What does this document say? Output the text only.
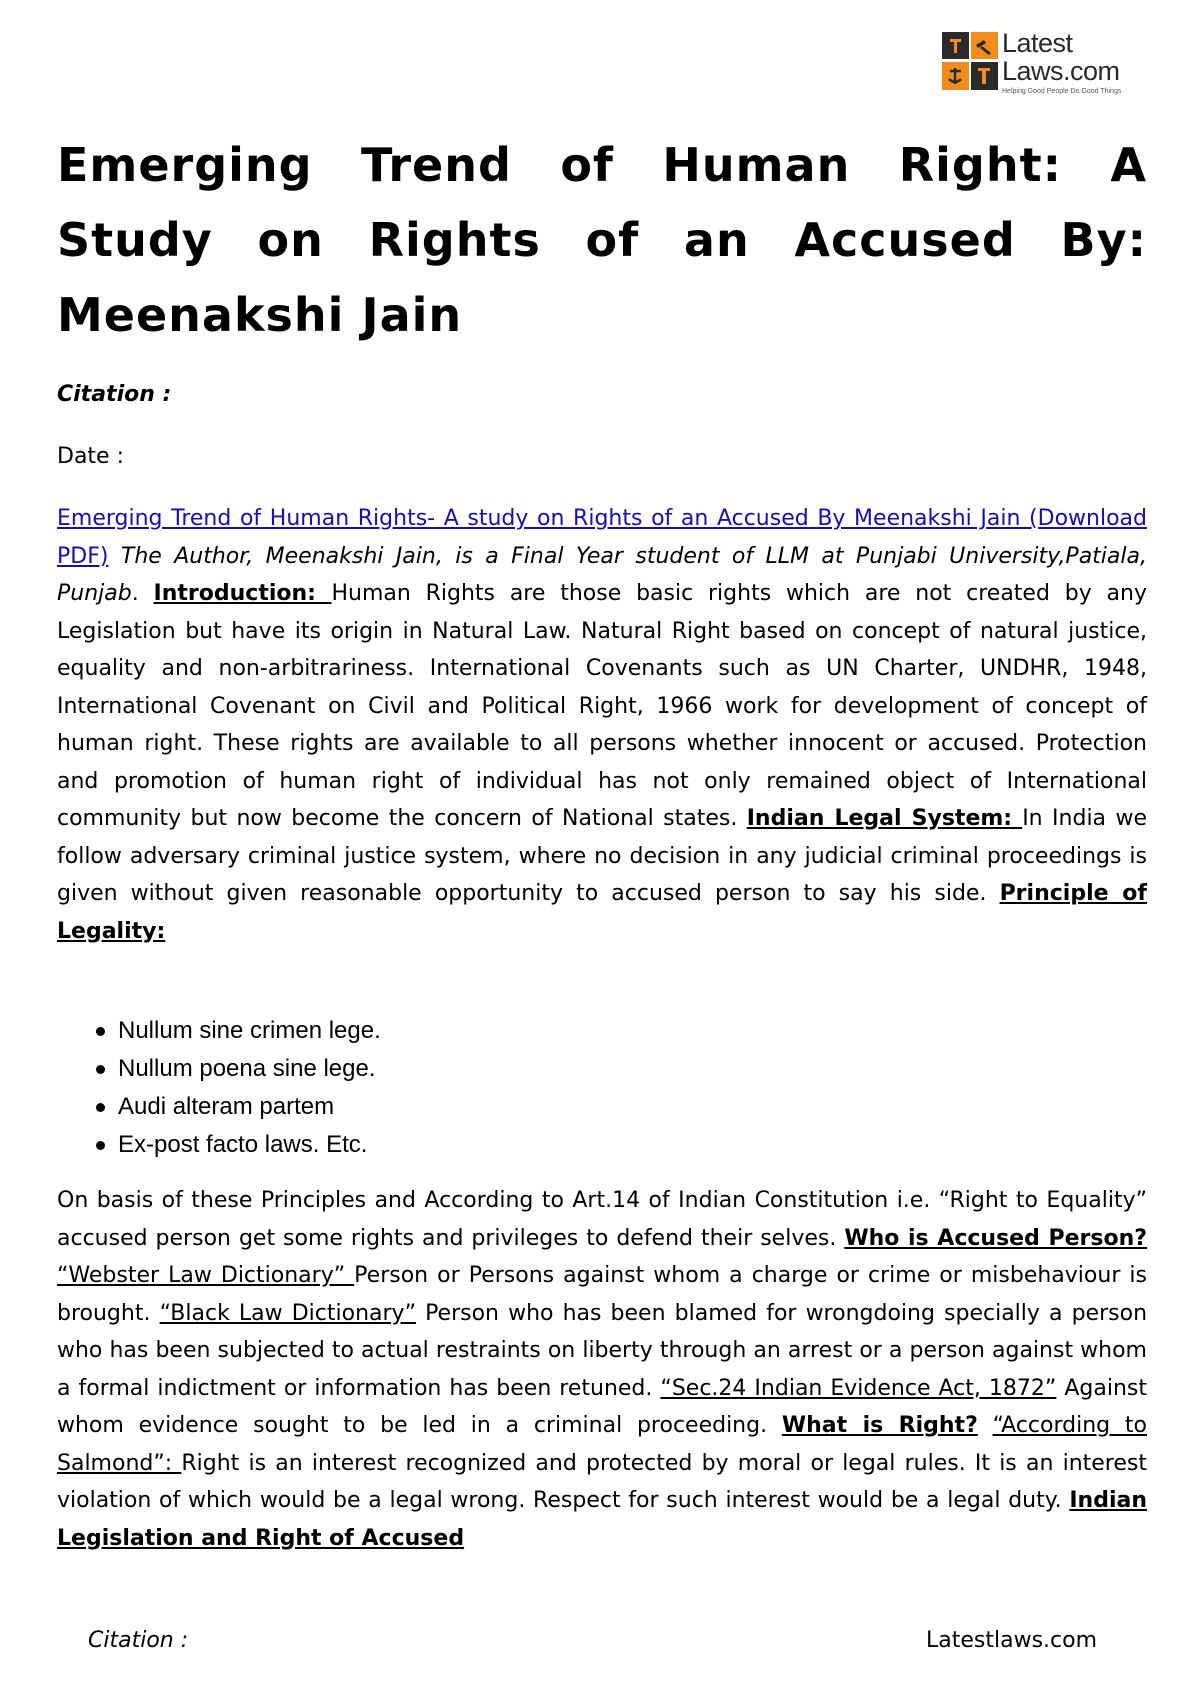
Latest
Laws.com
Helping Good People Do Good Things
Emerging Trend of Human Right: A Study on Rights of an Accused By: Meenakshi Jain

Citation :

Date :

Emerging Trend of Human Rights- A study on Rights of an Accused By Meenakshi Jain (Download PDF) The Author, Meenakshi Jain, is a Final Year student of LLM at Punjabi University,Patiala, Punjab. Introduction: Human Rights are those basic rights which are not created by any Legislation but have its origin in Natural Law. Natural Right based on concept of natural justice, equality and non-arbitrariness. International Covenants such as UN Charter, UNDHR, 1948, International Covenant on Civil and Political Right, 1966 work for development of concept of human right. These rights are available to all persons whether innocent or accused. Protection and promotion of human right of individual has not only remained object of International community but now become the concern of National states. Indian Legal System: In India we follow adversary criminal justice system, where no decision in any judicial criminal proceedings is given without given reasonable opportunity to accused person to say his side. Principle of Legality:

Nullum sine crimen lege.
Nullum poena sine lege.
Audi alteram partem
Ex-post facto laws. Etc.

On basis of these Principles and According to Art.14 of Indian Constitution i.e. “Right to Equality” accused person get some rights and privileges to defend their selves. Who is Accused Person? “Webster Law Dictionary” Person or Persons against whom a charge or crime or misbehaviour is brought. “Black Law Dictionary” Person who has been blamed for wrongdoing specially a person who has been subjected to actual restraints on liberty through an arrest or a person against whom a formal indictment or information has been retuned. “Sec.24 Indian Evidence Act, 1872” Against whom evidence sought to be led in a criminal proceeding. What is Right? “According to Salmond”: Right is an interest recognized and protected by moral or legal rules. It is an interest violation of which would be a legal wrong. Respect for such interest would be a legal duty. Indian Legislation and Right of Accused

Citation :	Latestlaws.com
